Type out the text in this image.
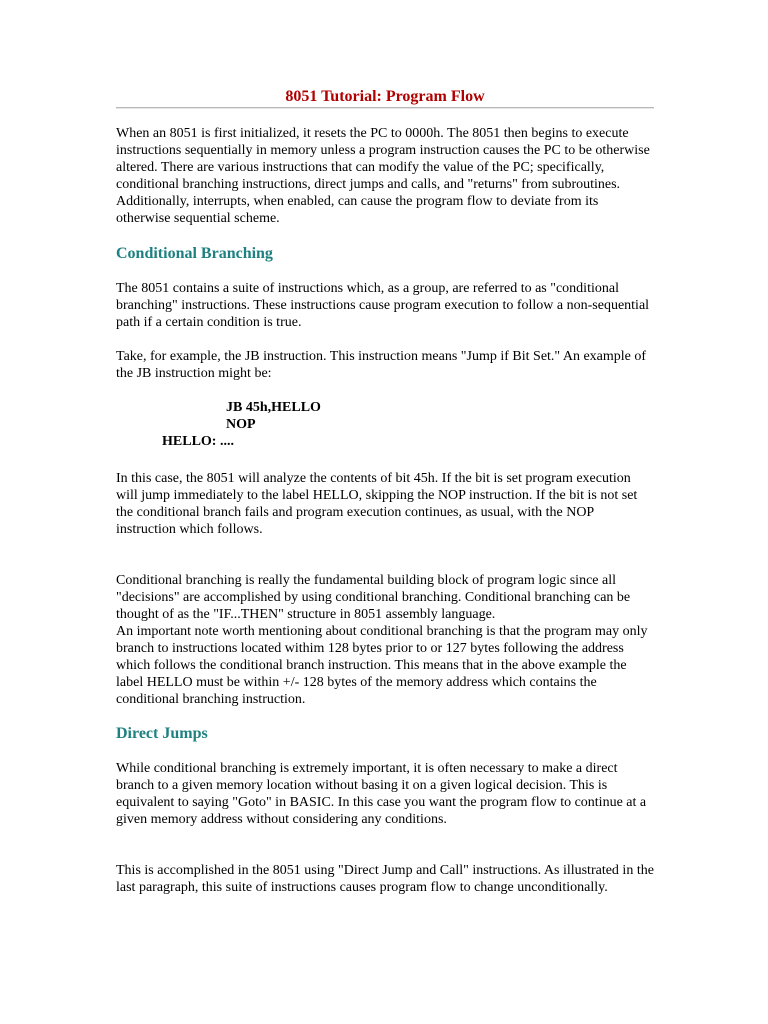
8051 Tutorial: Program Flow

When an 8051 is first initialized, it resets the PC to 0000h. The 8051 then begins to execute instructions sequentially in memory unless a program instruction causes the PC to be otherwise altered. There are various instructions that can modify the value of the PC; specifically, conditional branching instructions, direct jumps and calls, and "returns" from subroutines. Additionally, interrupts, when enabled, can cause the program flow to deviate from its otherwise sequential scheme.

Conditional Branching

The 8051 contains a suite of instructions which, as a group, are referred to as "conditional branching" instructions. These instructions cause program execution to follow a non-sequential path if a certain condition is true.

Take, for example, the JB instruction. This instruction means "Jump if Bit Set." An example of the JB instruction might be:

JB 45h,HELLO
NOP
HELLO: ....

In this case, the 8051 will analyze the contents of bit 45h. If the bit is set program execution will jump immediately to the label HELLO, skipping the NOP instruction. If the bit is not set the conditional branch fails and program execution continues, as usual, with the NOP instruction which follows.

Conditional branching is really the fundamental building block of program logic since all "decisions" are accomplished by using conditional branching. Conditional branching can be thought of as the "IF...THEN" structure in 8051 assembly language.

An important note worth mentioning about conditional branching is that the program may only branch to instructions located withim 128 bytes prior to or 127 bytes following the address which follows the conditional branch instruction. This means that in the above example the label HELLO must be within +/- 128 bytes of the memory address which contains the conditional branching instruction.

Direct Jumps

While conditional branching is extremely important, it is often necessary to make a direct branch to a given memory location without basing it on a given logical decision. This is equivalent to saying "Goto" in BASIC. In this case you want the program flow to continue at a given memory address without considering any conditions.

This is accomplished in the 8051 using "Direct Jump and Call" instructions. As illustrated in the last paragraph, this suite of instructions causes program flow to change unconditionally.
